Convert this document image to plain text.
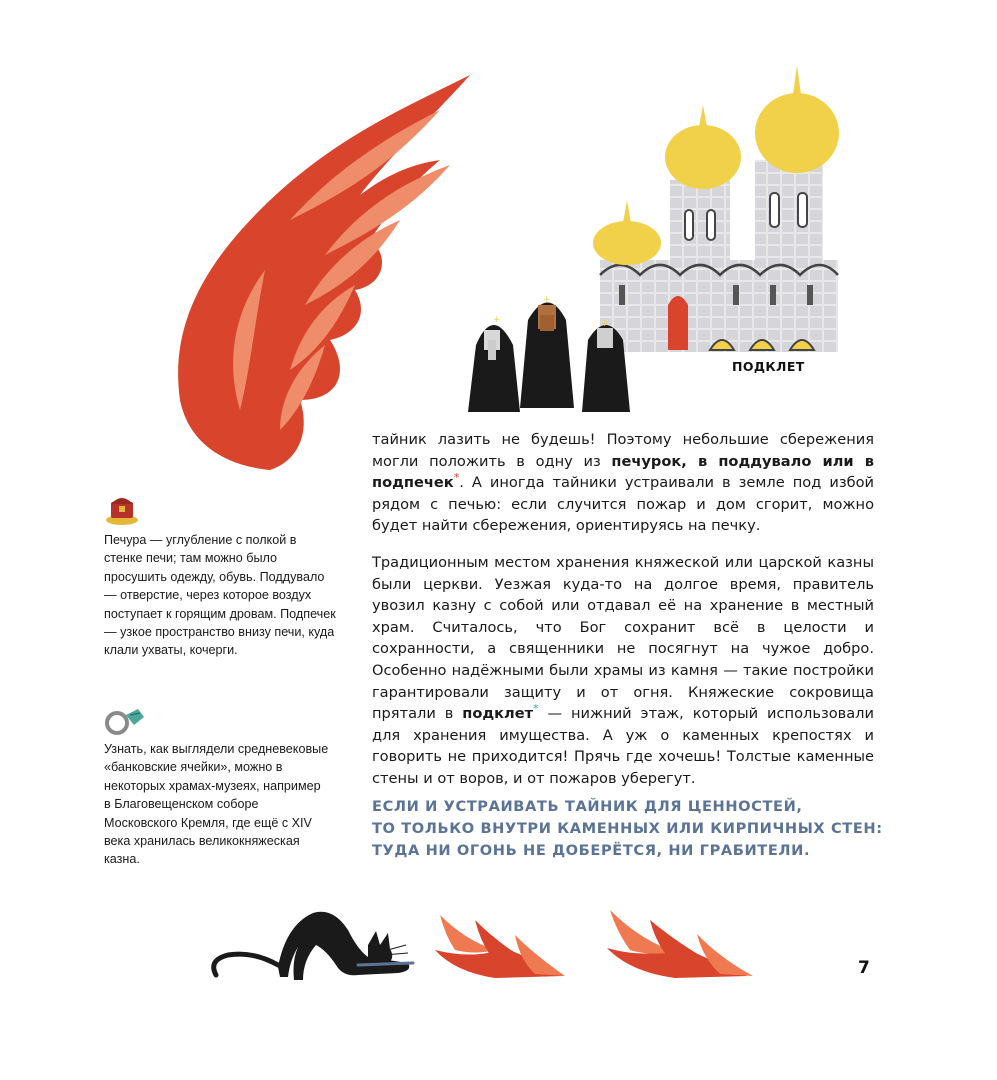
+
+
+
ПОДКЛЕТ

тайник лазить не будешь! Поэтому небольшие сбережения могли положить в одну из печурок, в поддувало или в подпечек*. А иногда тайники устраивали в земле под избой рядом с печью: если случится пожар и дом сгорит, можно будет найти сбережения, ориентируясь на печку.

Традиционным местом хранения княжеской или царской казны были церкви. Уезжая куда-то на долгое время, правитель увозил казну с собой или отдавал её на хранение в местный храм. Считалось, что Бог сохранит всё в целости и сохранности, а священники не посягнут на чужое добро. Особенно надёжными были храмы из камня — такие постройки гарантировали защиту и от огня. Княжеские сокровища прятали в подклет* — нижний этаж, который использовали для хранения имущества. А уж о каменных крепостях и говорить не приходится! Прячь где хочешь! Толстые каменные стены и от воров, и от пожаров уберегут.

Печура — углубление с полкой в стенке печи; там можно было просушить одежду, обувь. Поддувало — отверстие, через которое воздух поступает к горящим дровам. Подпечек — узкое пространство внизу печи, куда клали ухваты, кочерги.

Узнать, как выглядели средневековые «банковские ячейки», можно в некоторых храмах-музеях, например в Благовещенском соборе Московского Кремля, где ещё с XIV века хранилась великокняжеская казна.

ЕСЛИ И УСТРАИВАТЬ ТАЙНИК ДЛЯ ЦЕННОСТЕЙ,
ТО ТОЛЬКО ВНУТРИ КАМЕННЫХ ИЛИ КИРПИЧНЫХ СТЕН:
ТУДА НИ ОГОНЬ НЕ ДОБЕРЁТСЯ, НИ ГРАБИТЕЛИ.
7
